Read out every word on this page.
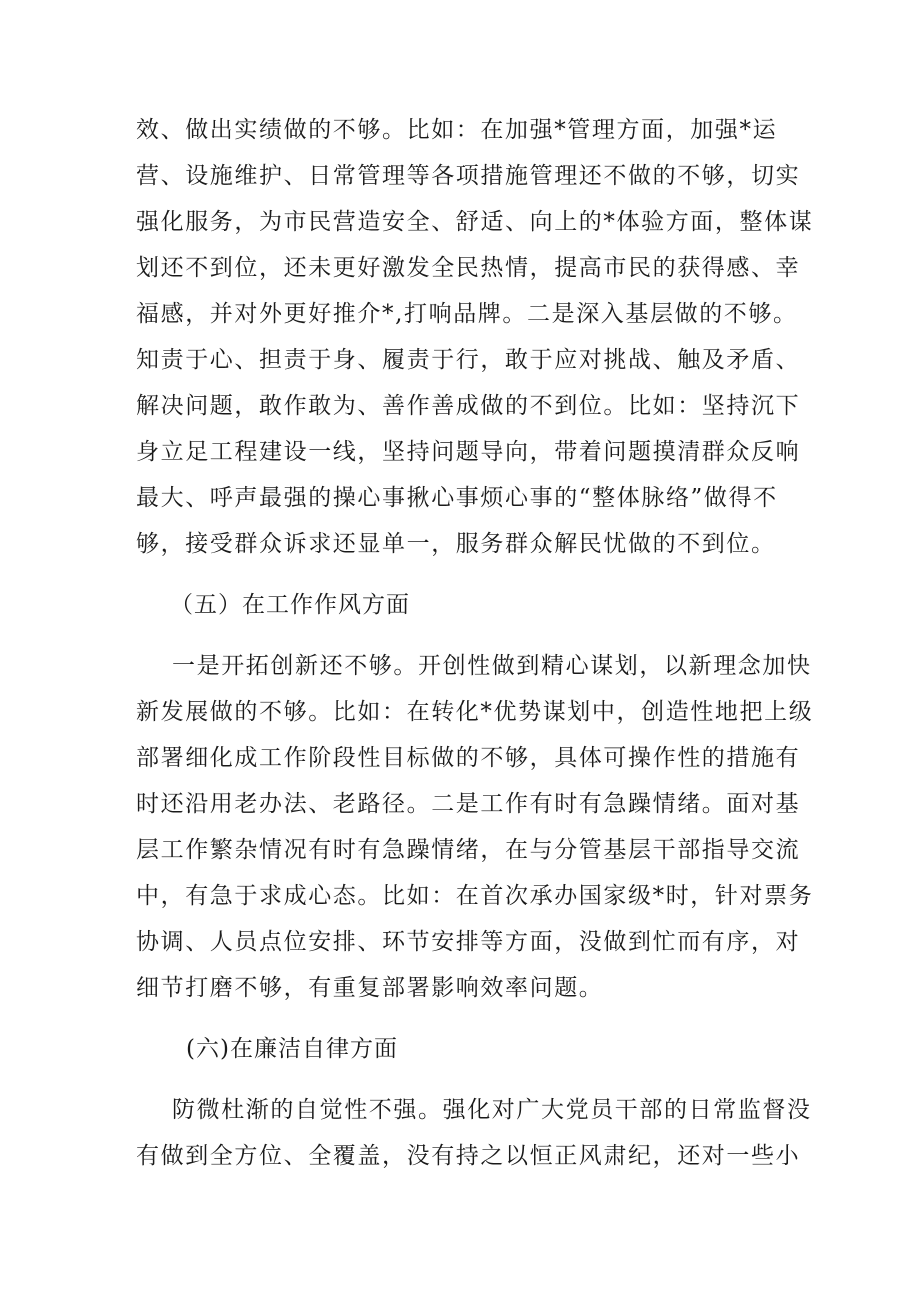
效、做出实绩做的不够。比如：在加强*管理方面，加强*运
营、设施维护、日常管理等各项措施管理还不做的不够，切实
强化服务，为市民营造安全、舒适、向上的*体验方面，整体谋
划还不到位，还未更好激发全民热情，提高市民的获得感、幸
福感，并对外更好推介*,打响品牌。二是深入基层做的不够。
知责于心、担责于身、履责于行，敢于应对挑战、触及矛盾、
解决问题，敢作敢为、善作善成做的不到位。比如：坚持沉下
身立足工程建设一线，坚持问题导向，带着问题摸清群众反响
最大、呼声最强的操心事揪心事烦心事的“整体脉络”做得不
够，接受群众诉求还显单一，服务群众解民忧做的不到位。
（五）在工作作风方面
一是开拓创新还不够。开创性做到精心谋划，以新理念加快
新发展做的不够。比如：在转化*优势谋划中，创造性地把上级
部署细化成工作阶段性目标做的不够，具体可操作性的措施有
时还沿用老办法、老路径。二是工作有时有急躁情绪。面对基
层工作繁杂情况有时有急躁情绪，在与分管基层干部指导交流
中，有急于求成心态。比如：在首次承办国家级*时，针对票务
协调、人员点位安排、环节安排等方面，没做到忙而有序，对
细节打磨不够，有重复部署影响效率问题。
(六)在廉洁自律方面
防微杜渐的自觉性不强。强化对广大党员干部的日常监督没
有做到全方位、全覆盖，没有持之以恒正风肃纪，还对一些小
